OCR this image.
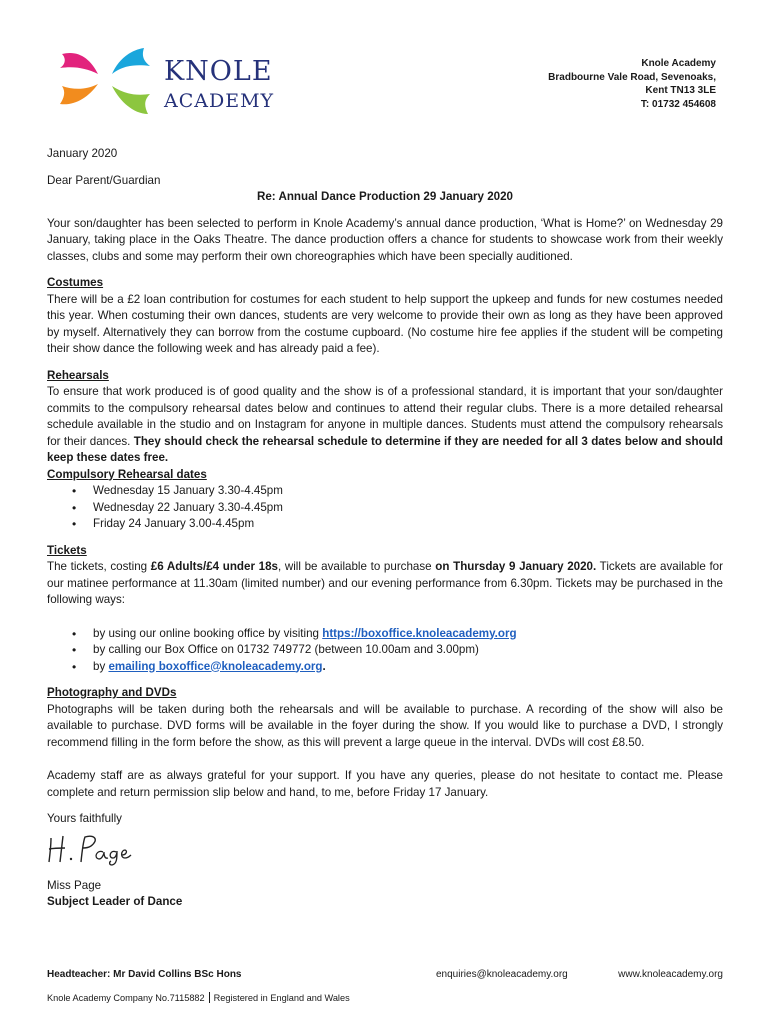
KNOLE
ACADEMY
Knole Academy
Bradbourne Vale Road, Sevenoaks,
Kent TN13 3LE
T: 01732 454608

January 2020

Dear Parent/Guardian

Re: Annual Dance Production 29 January 2020

Your son/daughter has been selected to perform in Knole Academy’s annual dance production, ‘What is Home?’ on Wednesday 29 January, taking place in the Oaks Theatre. The dance production offers a chance for students to showcase work from their weekly classes, clubs and some may perform their own choreographies which have been specially auditioned.

Costumes

There will be a £2 loan contribution for costumes for each student to help support the upkeep and funds for new costumes needed this year. When costuming their own dances, students are very welcome to provide their own as long as they have been approved by myself. Alternatively they can borrow from the costume cupboard. (No costume hire fee applies if the student will be competing their show dance the following week and has already paid a fee).

Rehearsals

To ensure that work produced is of good quality and the show is of a professional standard, it is important that your son/daughter commits to the compulsory rehearsal dates below and continues to attend their regular clubs. There is a more detailed rehearsal schedule available in the studio and on Instagram for anyone in multiple dances. Students must attend the compulsory rehearsals for their dances. They should check the rehearsal schedule to determine if they are needed for all 3 dates below and should keep these dates free.

Compulsory Rehearsal dates

• Wednesday 15 January 3.30-4.45pm
• Wednesday 22 January 3.30-4.45pm
• Friday 24 January 3.00-4.45pm

Tickets

The tickets, costing £6 Adults/£4 under 18s, will be available to purchase on Thursday 9 January 2020. Tickets are available for our matinee performance at 11.30am (limited number) and our evening performance from 6.30pm. Tickets may be purchased in the following ways:

• by using our online booking office by visiting https://boxoffice.knoleacademy.org
• by calling our Box Office on 01732 749772 (between 10.00am and 3.00pm)
• by emailing boxoffice@knoleacademy.org.

Photography and DVDs

Photographs will be taken during both the rehearsals and will be available to purchase. A recording of the show will also be available to purchase. DVD forms will be available in the foyer during the show. If you would like to purchase a DVD, I strongly recommend filling in the form before the show, as this will prevent a large queue in the interval. DVDs will cost £8.50.

Academy staff are as always grateful for your support. If you have any queries, please do not hesitate to contact me. Please complete and return permission slip below and hand, to me, before Friday 17 January.

Yours faithfully

Miss Page

Subject Leader of Dance

Headteacher: Mr David Collins BSc Hons	enquiries@knoleacademy.org	www.knoleacademy.org
Knole Academy Company No.7115882 Registered in England and Wales
